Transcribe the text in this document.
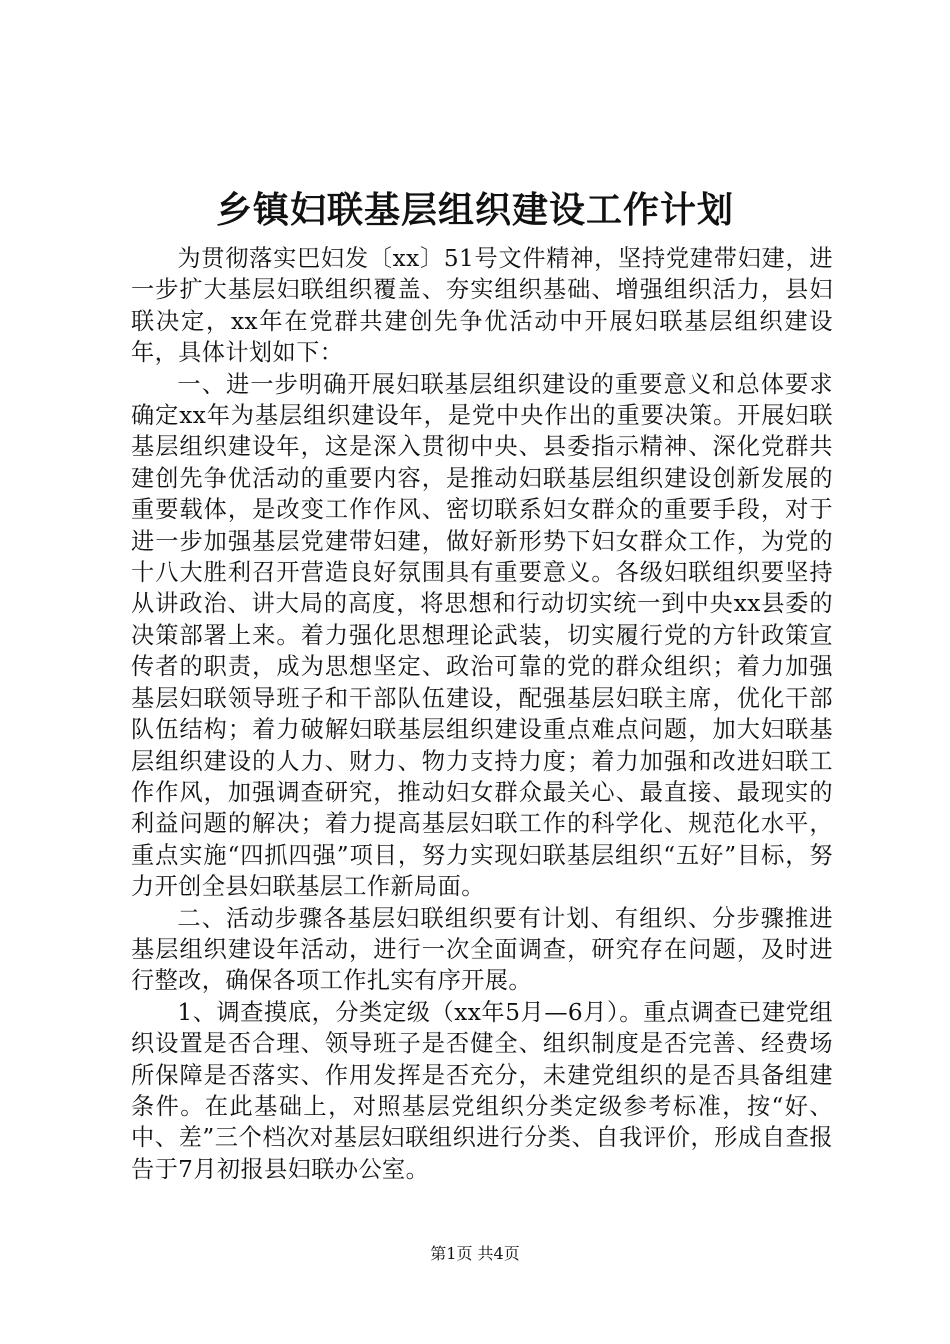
乡镇妇联基层组织建设工作计划

为贯彻落实巴妇发〔xx〕51号文件精神，坚持党建带妇建，进一步扩大基层妇联组织覆盖、夯实组织基础、增强组织活力，县妇联决定，xx年在党群共建创先争优活动中开展妇联基层组织建设年，具体计划如下：

一、进一步明确开展妇联基层组织建设的重要意义和总体要求确定xx年为基层组织建设年，是党中央作出的重要决策。开展妇联基层组织建设年，这是深入贯彻中央、县委指示精神、深化党群共建创先争优活动的重要内容，是推动妇联基层组织建设创新发展的重要载体，是改变工作作风、密切联系妇女群众的重要手段，对于进一步加强基层党建带妇建，做好新形势下妇女群众工作，为党的十八大胜利召开营造良好氛围具有重要意义。各级妇联组织要坚持从讲政治、讲大局的高度，将思想和行动切实统一到中央xx县委的决策部署上来。着力强化思想理论武装，切实履行党的方针政策宣传者的职责，成为思想坚定、政治可靠的党的群众组织；着力加强基层妇联领导班子和干部队伍建设，配强基层妇联主席，优化干部队伍结构；着力破解妇联基层组织建设重点难点问题，加大妇联基层组织建设的人力、财力、物力支持力度；着力加强和改进妇联工作作风，加强调查研究，推动妇女群众最关心、最直接、最现实的利益问题的解决；着力提高基层妇联工作的科学化、规范化水平，重点实施“四抓四强”项目，努力实现妇联基层组织“五好”目标，努力开创全县妇联基层工作新局面。

二、活动步骤各基层妇联组织要有计划、有组织、分步骤推进基层组织建设年活动，进行一次全面调查，研究存在问题，及时进行整改，确保各项工作扎实有序开展。

1、调查摸底，分类定级（xx年5月—6月）。重点调查已建党组织设置是否合理、领导班子是否健全、组织制度是否完善、经费场所保障是否落实、作用发挥是否充分，未建党组织的是否具备组建条件。在此基础上，对照基层党组织分类定级参考标准，按“好、中、差”三个档次对基层妇联组织进行分类、自我评价，形成自查报告于7月初报县妇联办公室。

第1页 共4页
